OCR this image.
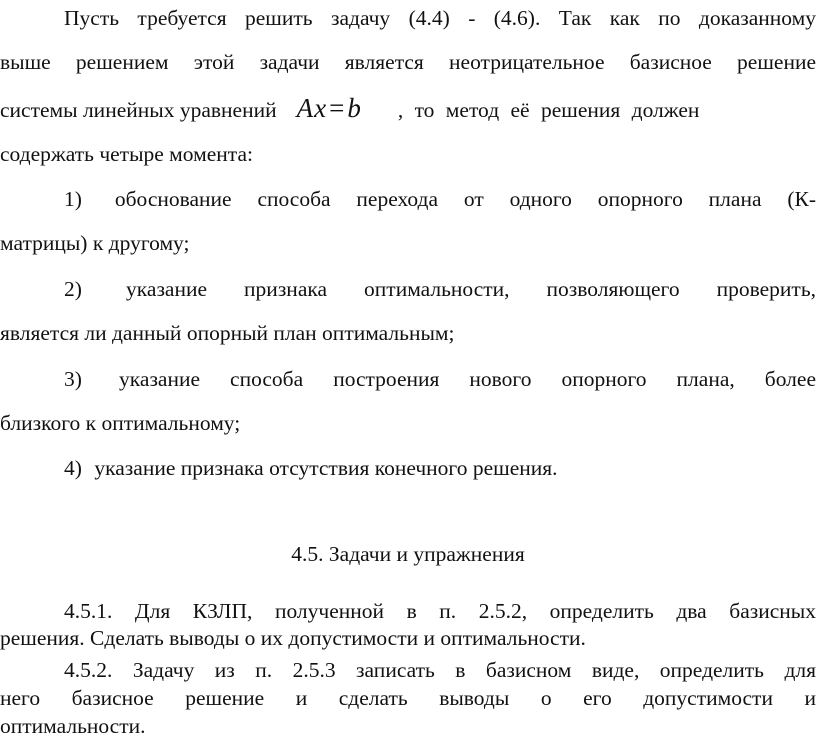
Пусть требуется решить задачу (4.4) - (4.6). Так как по доказанному
выше решением этой задачи является неотрицательное базисное решение
системы линейных уравнений Ax=b , то метод её решения должен
содержать четыре момента:
1) обоснование способа перехода от одного опорного плана (К-
матрицы) к другому;
2) указание признака оптимальности, позволяющего проверить,
является ли данный опорный план оптимальным;
3) указание способа построения нового опорного плана, более
близкого к оптимальному;
4) указание признака отсутствия конечного решения.
4.5. Задачи и упражнения
4.5.1. Для КЗЛП, полученной в п. 2.5.2, определить два базисных
решения. Сделать выводы о их допустимости и оптимальности.
4.5.2. Задачу из п. 2.5.3 записать в базисном виде, определить для
него базисное решение и сделать выводы о его допустимости и
оптимальности.
